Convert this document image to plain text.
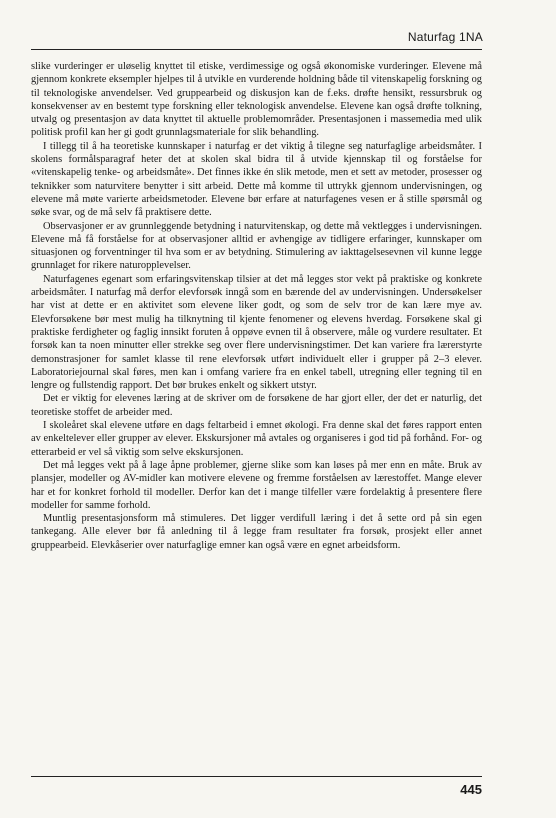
Naturfag 1NA

slike vurderinger er uløselig knyttet til etiske, verdimessige og også økonomiske vurderinger. Elevene må gjennom konkrete eksempler hjelpes til å utvikle en vurderende holdning både til vitenskapelig forskning og til teknologiske anvendelser. Ved gruppearbeid og diskusjon kan de f.eks. drøfte hensikt, ressursbruk og konsekvenser av en bestemt type forskning eller teknologisk anvendelse. Elevene kan også drøfte tolkning, utvalg og presentasjon av data knyttet til aktuelle problemområder. Presentasjonen i massemedia med ulik politisk profil kan her gi godt grunnlagsmateriale for slik behandling.

I tillegg til å ha teoretiske kunnskaper i naturfag er det viktig å tilegne seg naturfaglige arbeidsmåter. I skolens formålsparagraf heter det at skolen skal bidra til å utvide kjennskap til og forståelse for «vitenskapelig tenke- og arbeidsmåte». Det finnes ikke én slik metode, men et sett av metoder, prosesser og teknikker som naturvitere benytter i sitt arbeid. Dette må komme til uttrykk gjennom undervisningen, og elevene må møte varierte arbeidsmetoder. Elevene bør erfare at naturfagenes vesen er å stille spørsmål og søke svar, og de må selv få praktisere dette.

Observasjoner er av grunnleggende betydning i naturvitenskap, og dette må vektlegges i undervisningen. Elevene må få forståelse for at observasjoner alltid er avhengige av tidligere erfaringer, kunnskaper om situasjonen og forventninger til hva som er av betydning. Stimulering av iakttagelsesevnen vil kunne legge grunnlaget for rikere naturopplevelser.

Naturfagenes egenart som erfaringsvitenskap tilsier at det må legges stor vekt på praktiske og konkrete arbeidsmåter. I naturfag må derfor elevforsøk inngå som en bærende del av undervisningen. Undersøkelser har vist at dette er en aktivitet som elevene liker godt, og som de selv tror de kan lære mye av. Elevforsøkene bør mest mulig ha tilknytning til kjente fenomener og elevens hverdag. Forsøkene skal gi praktiske ferdigheter og faglig innsikt foruten å oppøve evnen til å observere, måle og vurdere resultater. Et forsøk kan ta noen minutter eller strekke seg over flere undervisningstimer. Det kan variere fra lærerstyrte demonstrasjoner for samlet klasse til rene elevforsøk utført individuelt eller i grupper på 2–3 elever. Laboratoriejournal skal føres, men kan i omfang variere fra en enkel tabell, utregning eller tegning til en lengre og fullstendig rapport. Det bør brukes enkelt og sikkert utstyr.

Det er viktig for elevenes læring at de skriver om de forsøkene de har gjort eller, der det er naturlig, det teoretiske stoffet de arbeider med.

I skoleåret skal elevene utføre en dags feltarbeid i emnet økologi. Fra denne skal det føres rapport enten av enkeltelever eller grupper av elever. Ekskursjoner må avtales og organiseres i god tid på forhånd. For- og etterarbeid er vel så viktig som selve ekskursjonen.

Det må legges vekt på å lage åpne problemer, gjerne slike som kan løses på mer enn en måte. Bruk av plansjer, modeller og AV-midler kan motivere elevene og fremme forståelsen av lærestoffet. Mange elever har et for konkret forhold til modeller. Derfor kan det i mange tilfeller være fordelaktig å presentere flere modeller for samme forhold.

Muntlig presentasjonsform må stimuleres. Det ligger verdifull læring i det å sette ord på sin egen tankegang. Alle elever bør få anledning til å legge fram resultater fra forsøk, prosjekt eller annet gruppearbeid. Elevkåserier over naturfaglige emner kan også være en egnet arbeidsform.

445
